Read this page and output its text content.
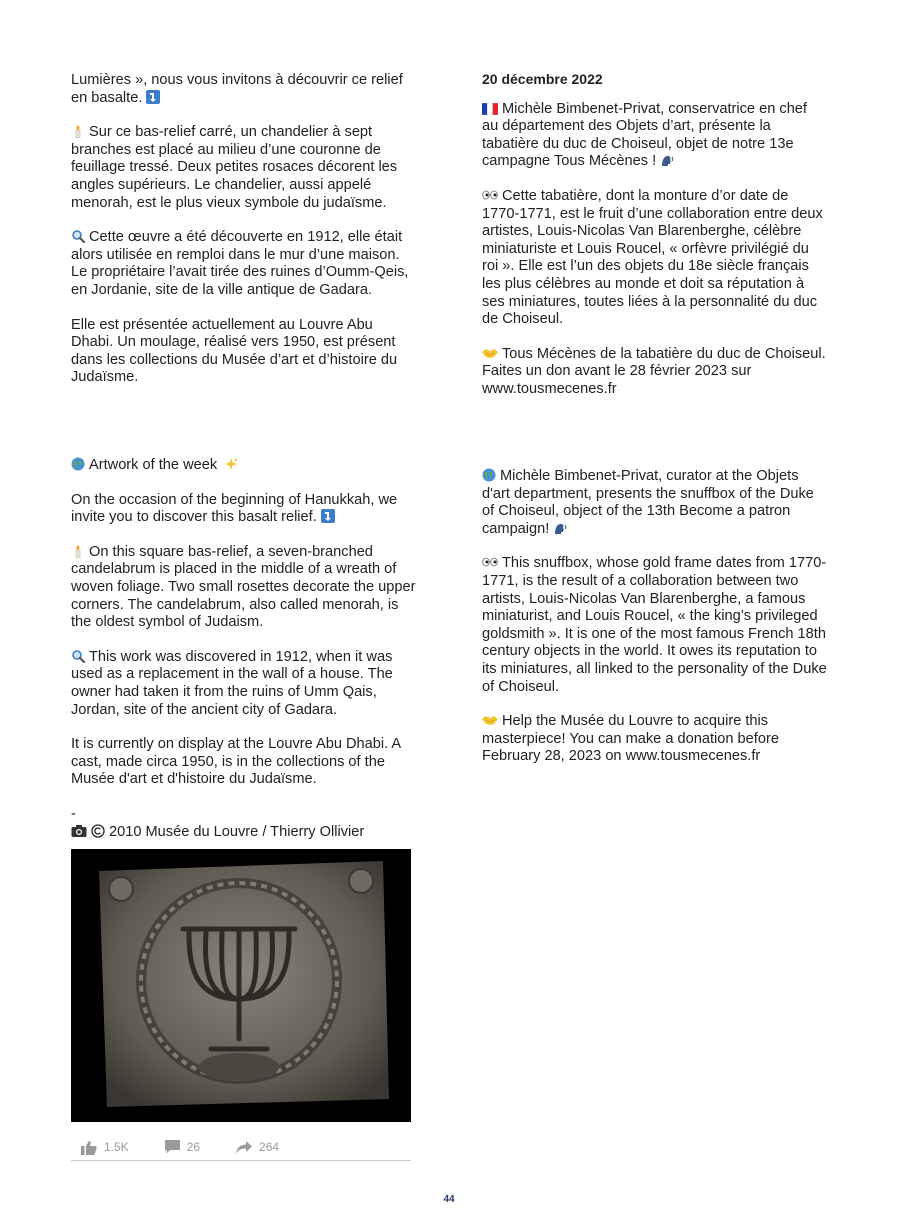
Lumières », nous vous invitons à découvrir ce relief en basalte.

Sur ce bas-relief carré, un chandelier à sept branches est placé au milieu d’une couronne de feuillage tressé. Deux petites rosaces décorent les angles supérieurs. Le chandelier, aussi appelé menorah, est le plus vieux symbole du judaïsme.

Cette œuvre a été découverte en 1912, elle était alors utilisée en remploi dans le mur d’une maison. Le propriétaire l’avait tirée des ruines d’Oumm-Qeis, en Jordanie, site de la ville antique de Gadara.

Elle est présentée actuellement au Louvre Abu Dhabi. Un moulage, réalisé vers 1950, est présent dans les collections du Musée d’art et d’histoire du Judaïsme.

Artwork of the week

On the occasion of the beginning of Hanukkah, we invite you to discover this basalt relief.

On this square bas-relief, a seven-branched candelabrum is placed in the middle of a wreath of woven foliage. Two small rosettes decorate the upper corners. The candelabrum, also called menorah, is the oldest symbol of Judaism.

This work was discovered in 1912, when it was used as a replacement in the wall of a house. The owner had taken it from the ruins of Umm Qais, Jordan, site of the ancient city of Gadara.

It is currently on display at the Louvre Abu Dhabi. A cast, made circa 1950, is in the collections of the Musée d'art et d'histoire du Judaïsme.

-

2010 Musée du Louvre / Thierry Ollivier

1.5K	26	264

20 décembre 2022

Michèle Bimbenet-Privat, conservatrice en chef au département des Objets d’art, présente la tabatière du duc de Choiseul, objet de notre 13e campagne Tous Mécènes !

Cette tabatière, dont la monture d’or date de 1770-1771, est le fruit d’une collaboration entre deux artistes, Louis-Nicolas Van Blarenberghe, célèbre miniaturiste et Louis Roucel, « orfèvre privilégié du roi ». Elle est l’un des objets du 18e siècle français les plus célèbres au monde et doit sa réputation à ses miniatures, toutes liées à la personnalité du duc de Choiseul.

Tous Mécènes de la tabatière du duc de Choiseul.
Faites un don avant le 28 février 2023 sur www.tousmecenes.fr

Michèle Bimbenet-Privat, curator at the Objets d'art department, presents the snuffbox of the Duke of Choiseul, object of the 13th Become a patron campaign!

This snuffbox, whose gold frame dates from 1770-1771, is the result of a collaboration between two artists, Louis-Nicolas Van Blarenberghe, a famous miniaturist, and Louis Roucel, « the king’s privileged goldsmith ». It is one of the most famous French 18th century objects in the world. It owes its reputation to its miniatures, all linked to the personality of the Duke of Choiseul.

Help the Musée du Louvre to acquire this masterpiece! You can make a donation before February 28, 2023 on www.tousmecenes.fr

44
